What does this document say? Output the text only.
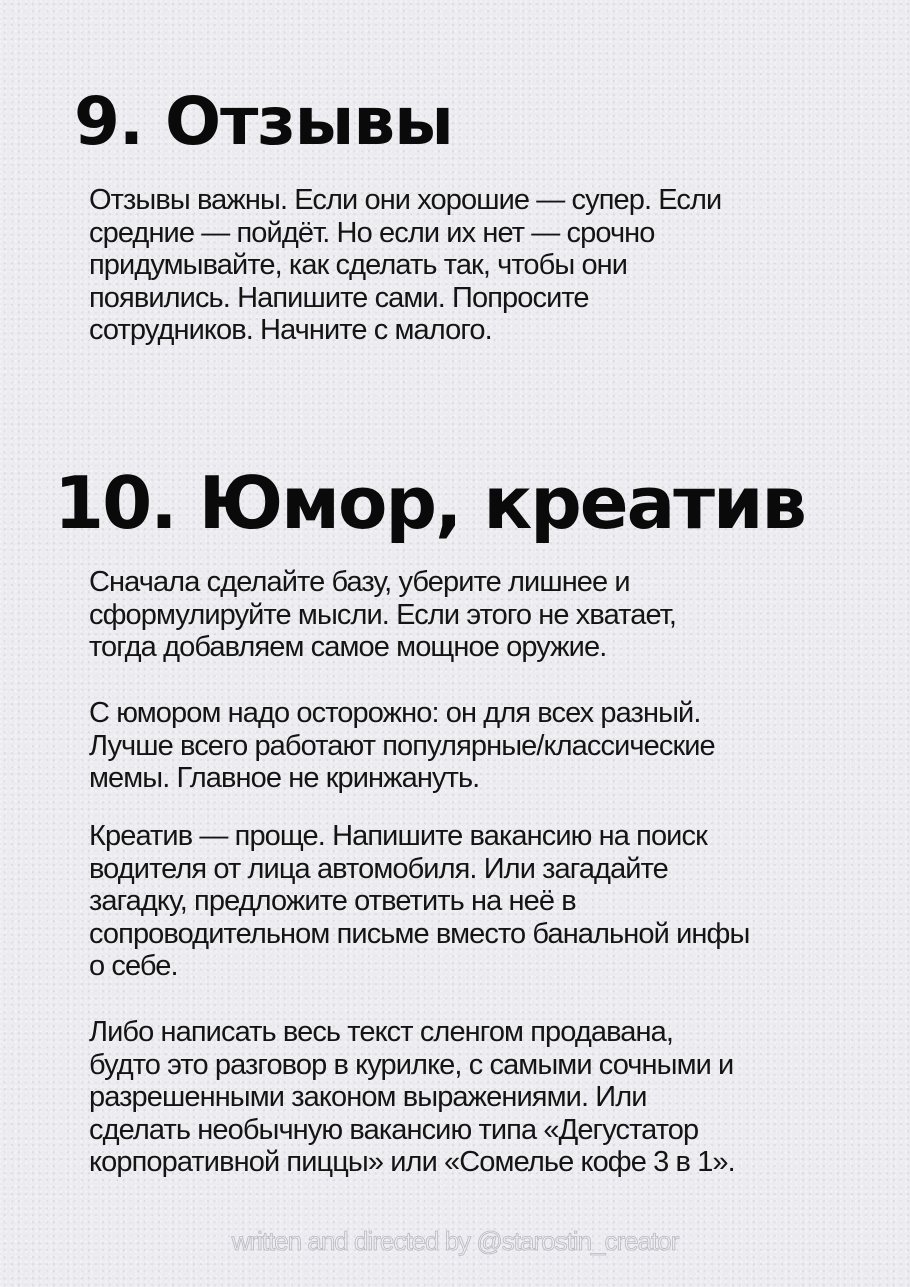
9. Отзывы

Отзывы важны. Если они хорошие — супер. Если
средние — пойдёт. Но если их нет — срочно
придумывайте, как сделать так, чтобы они
появились. Напишите сами. Попросите
сотрудников. Начните с малого.

10. Юмор, креатив

Сначала сделайте базу, уберите лишнее и
сформулируйте мысли. Если этого не хватает,
тогда добавляем самое мощное оружие.

С юмором надо осторожно: он для всех разный.
Лучше всего работают популярные/классические
мемы. Главное не кринжануть.

Креатив — проще. Напишите вакансию на поиск
водителя от лица автомобиля. Или загадайте
загадку, предложите ответить на неё в
сопроводительном письме вместо банальной инфы
о себе.

Либо написать весь текст сленгом продавана,
будто это разговор в курилке, с самыми сочными и
разрешенными законом выражениями. Или
сделать необычную вакансию типа «Дегустатор
корпоративной пиццы» или «Сомелье кофе 3 в 1».

written and directed by @starostin_creator
